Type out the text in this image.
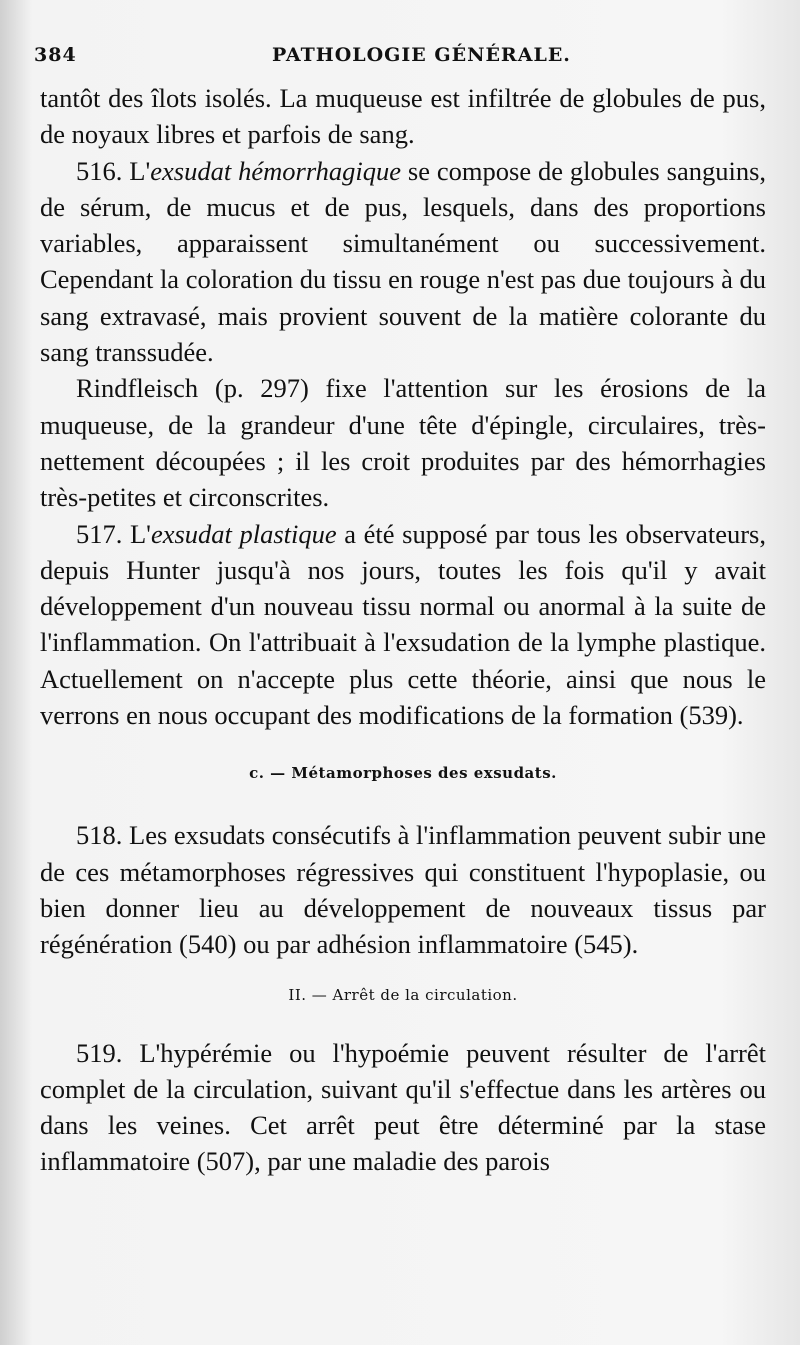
384	PATHOLOGIE GÉNÉRALE.

tantôt des îlots isolés. La muqueuse est infiltrée de globules de pus, de noyaux libres et parfois de sang.

516. L'exsudat hémorrhagique se compose de globules sanguins, de sérum, de mucus et de pus, lesquels, dans des proportions variables, apparaissent simultanément ou successivement. Cependant la coloration du tissu en rouge n'est pas due toujours à du sang extravasé, mais provient souvent de la matière colorante du sang transsudée.

Rindfleisch (p. 297) fixe l'attention sur les érosions de la muqueuse, de la grandeur d'une tête d'épingle, circulaires, très-nettement découpées ; il les croit produites par des hémorrhagies très-petites et circonscrites.

517. L'exsudat plastique a été supposé par tous les observateurs, depuis Hunter jusqu'à nos jours, toutes les fois qu'il y avait développement d'un nouveau tissu normal ou anormal à la suite de l'inflammation. On l'attribuait à l'exsudation de la lymphe plastique. Actuellement on n'accepte plus cette théorie, ainsi que nous le verrons en nous occupant des modifications de la formation (539).

c. — Métamorphoses des exsudats.

518. Les exsudats consécutifs à l'inflammation peuvent subir une de ces métamorphoses régressives qui constituent l'hypoplasie, ou bien donner lieu au développement de nouveaux tissus par régénération (540) ou par adhésion inflammatoire (545).

II. — Arrêt de la circulation.

519. L'hypérémie ou l'hypoémie peuvent résulter de l'arrêt complet de la circulation, suivant qu'il s'effectue dans les artères ou dans les veines. Cet arrêt peut être déterminé par la stase inflammatoire (507), par une maladie des parois
